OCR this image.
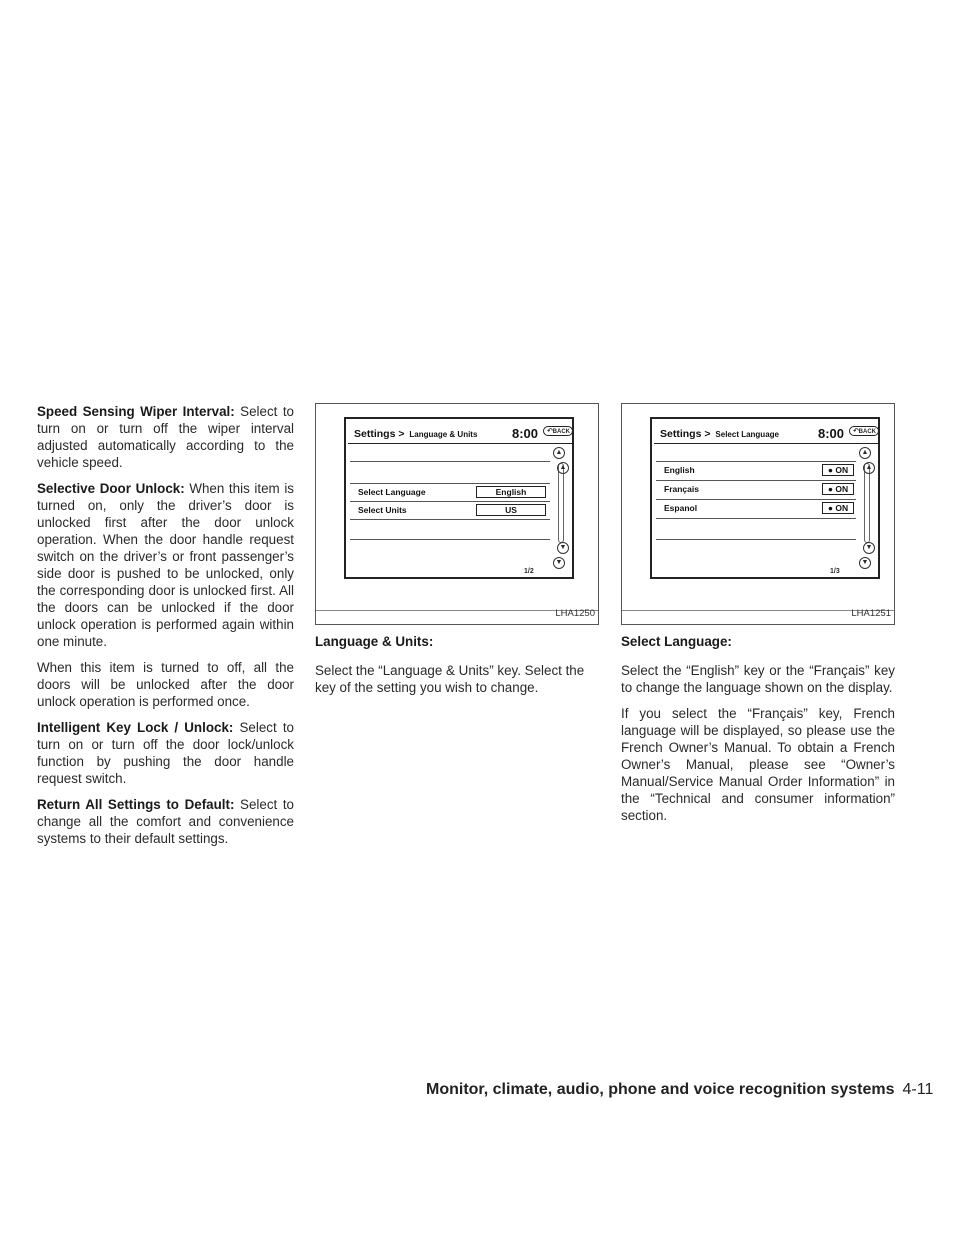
Speed Sensing Wiper Interval: Select to turn on or turn off the wiper interval adjusted automatically according to the vehicle speed.

Selective Door Unlock: When this item is turned on, only the driver’s door is unlocked first after the door unlock operation. When the door handle request switch on the driver’s or front passenger’s side door is pushed to be unlocked, only the corresponding door is unlocked first. All the doors can be unlocked if the door unlock operation is performed again within one minute.

When this item is turned to off, all the doors will be unlocked after the door unlock operation is performed once.

Intelligent Key Lock / Unlock: Select to turn on or turn off the door lock/unlock function by pushing the door handle request switch.

Return All Settings to Default: Select to change all the comfort and convenience systems to their default settings.

Settings > Language & Units	8:00 ↶ BACK
Select Language	English
Select Units	US
▲
▲
▼
▼
1/2
LHA1250

Language & Units:

Select the “Language & Units” key. Select the key of the setting you wish to change.

Settings > Select Language	8:00 ↶ BACK
English	● ON
Français	● ON
Espanol	● ON
▲
▲
▼
▼
1/3
LHA1251

Select Language:

Select the “English” key or the “Français” key to change the language shown on the display.

If you select the “Français” key, French language will be displayed, so please use the French Owner’s Manual. To obtain a French Owner’s Manual, please see “Owner’s Manual/Service Manual Order Information” in the “Technical and consumer information” section.

Monitor, climate, audio, phone and voice recognition systems 4-11
